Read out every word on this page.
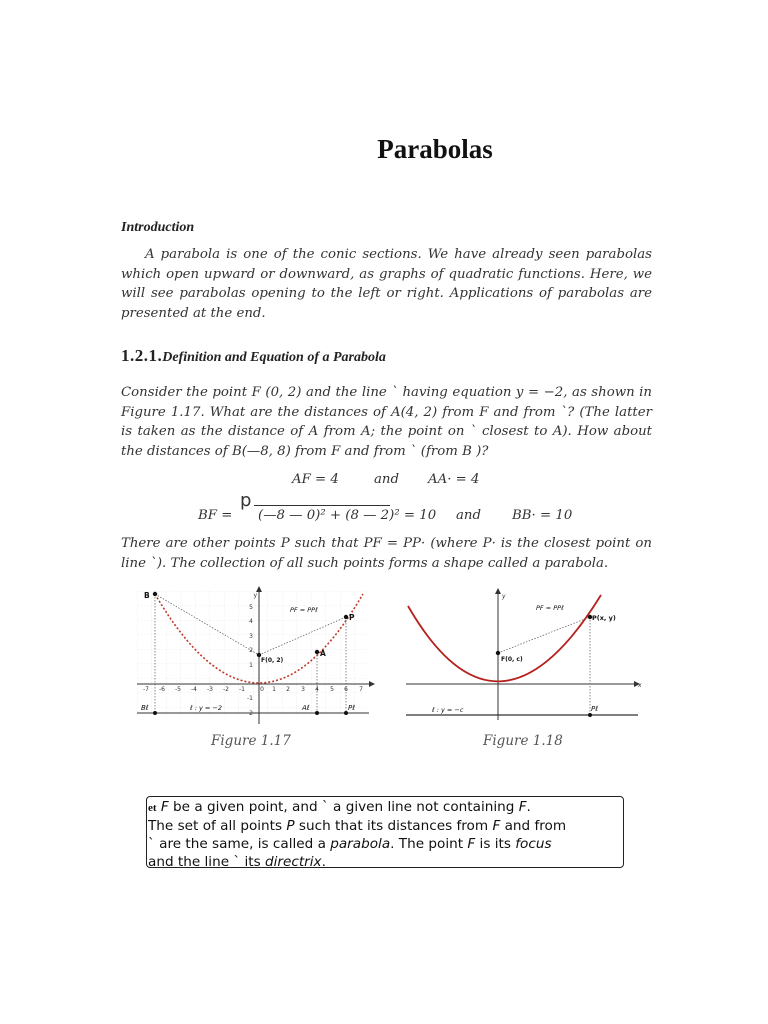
Parabolas
Introduction
A parabola is one of the conic sections. We have already seen parabolas which open upward or downward, as graphs of quadratic functions. Here, we will see parabolas opening to the left or right. Applications of parabolas are presented at the end.
1.2.1.Definition and Equation of a Parabola
Consider the point F (0, 2) and the line ` having equation y = −2, as shown in Figure 1.17. What are the distances of A(4, 2) from F and from `? (The latter is taken as the distance of A from A; the point on ` closest to A). How about the distances of B(—8, 8) from F and from ` (from B )?
AF = 4	and AA· = 4
BF =
p
(—8 — 0)² + (8 — 2)² = 10 and BB· = 10
There are other points P such that PF = PP· (where P· is the closest point on line `). The collection of all such points forms a shape called a parabola.
y
B
P
A
F(0, 2)
PF = PPℓ
Bℓ	Aℓ	Pℓ
ℓ : y = −2
-7 -6 -5 -4 -3 -2 -1	0 1 2 3 4 5 6 7
5
4
3
2
1
-1
-2
x
y
PF = PPℓ
P(x, y)
F(0, c)
ℓ : y = −c	Pℓ
Figure 1.17	Figure 1.18
et F be a given point, and ` a given line not containing F.
The set of all points P such that its distances from F and from
` are the same, is called a parabola. The point F is its focus
and the line ` its directrix.
